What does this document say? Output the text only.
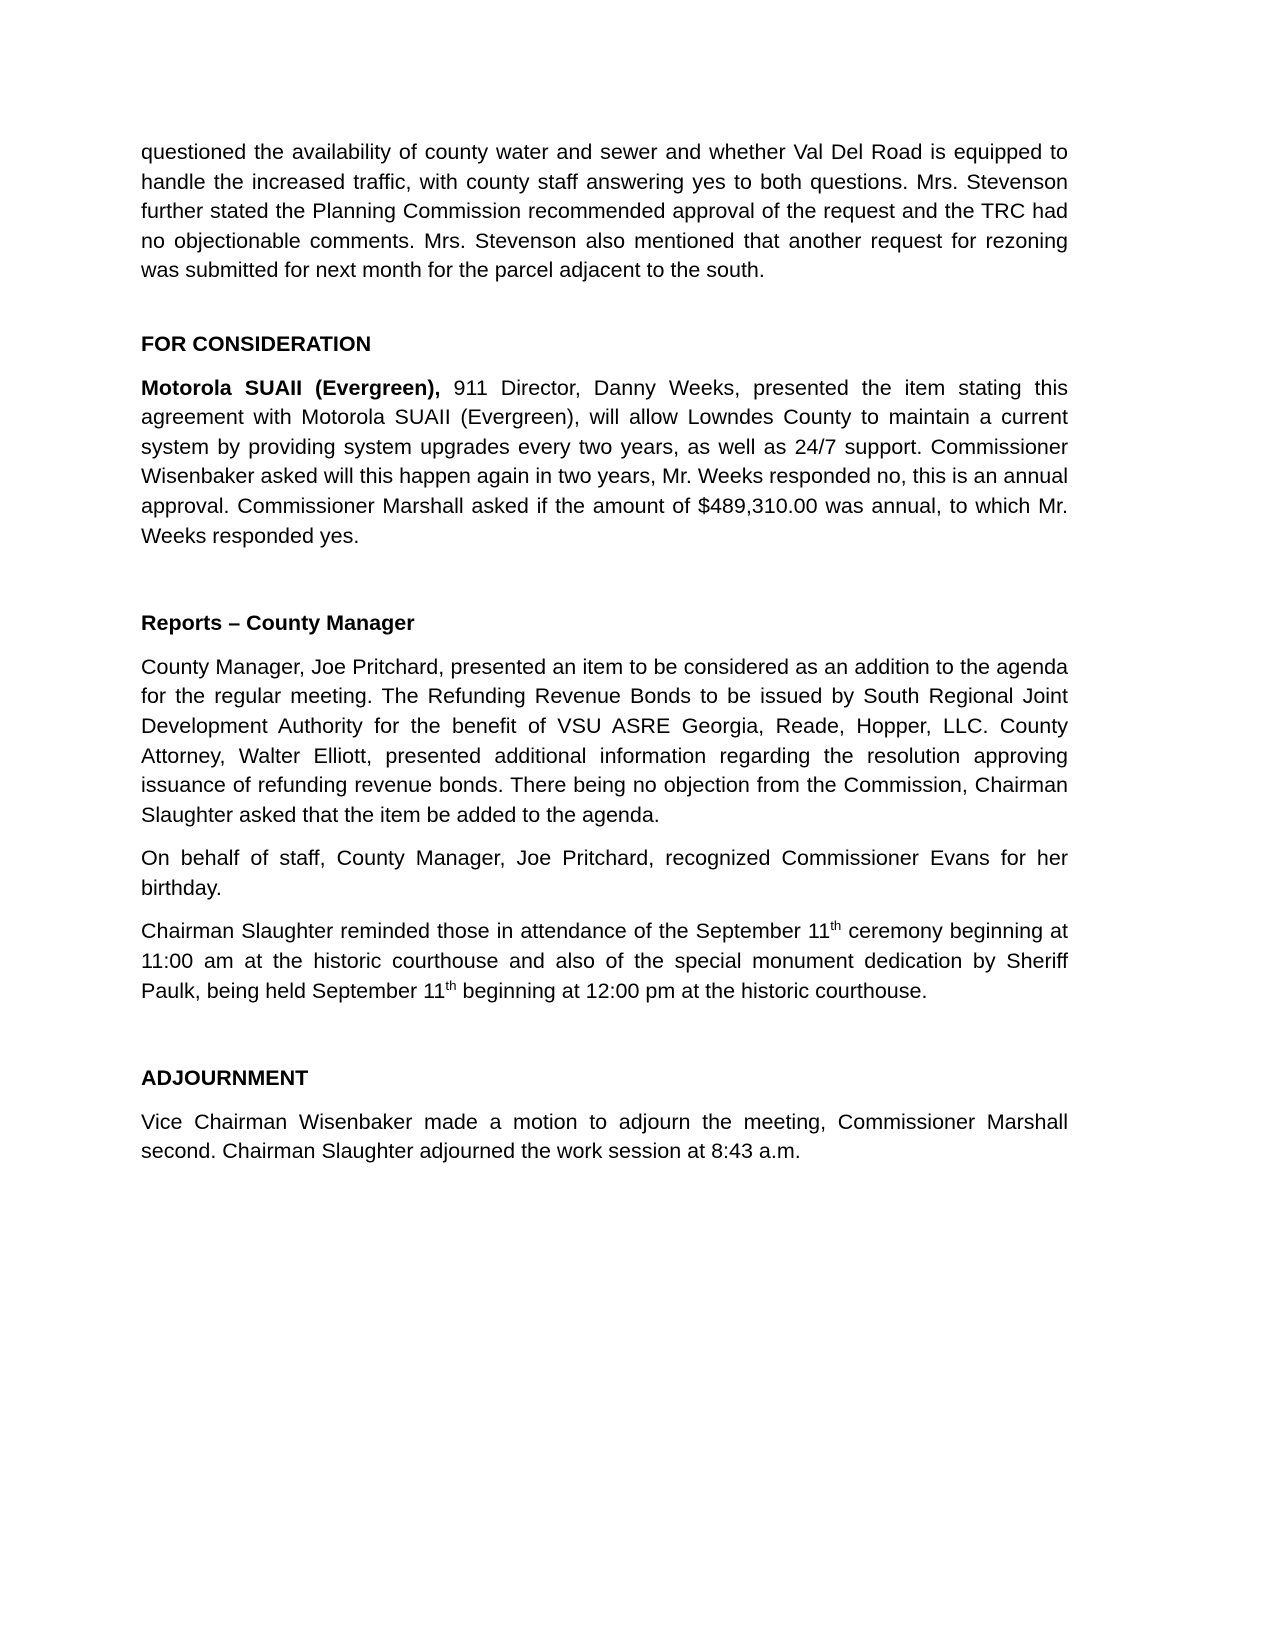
questioned the availability of county water and sewer and whether Val Del Road is equipped to handle the increased traffic, with county staff answering yes to both questions. Mrs. Stevenson further stated the Planning Commission recommended approval of the request and the TRC had no objectionable comments. Mrs. Stevenson also mentioned that another request for rezoning was submitted for next month for the parcel adjacent to the south.

FOR CONSIDERATION

Motorola SUAII (Evergreen), 911 Director, Danny Weeks, presented the item stating this agreement with Motorola SUAII (Evergreen), will allow Lowndes County to maintain a current system by providing system upgrades every two years, as well as 24/7 support. Commissioner Wisenbaker asked will this happen again in two years, Mr. Weeks responded no, this is an annual approval. Commissioner Marshall asked if the amount of $489,310.00 was annual, to which Mr. Weeks responded yes.

Reports – County Manager

County Manager, Joe Pritchard, presented an item to be considered as an addition to the agenda for the regular meeting. The Refunding Revenue Bonds to be issued by South Regional Joint Development Authority for the benefit of VSU ASRE Georgia, Reade, Hopper, LLC. County Attorney, Walter Elliott, presented additional information regarding the resolution approving issuance of refunding revenue bonds. There being no objection from the Commission, Chairman Slaughter asked that the item be added to the agenda.

On behalf of staff, County Manager, Joe Pritchard, recognized Commissioner Evans for her birthday.

Chairman Slaughter reminded those in attendance of the September 11th ceremony beginning at 11:00 am at the historic courthouse and also of the special monument dedication by Sheriff Paulk, being held September 11th beginning at 12:00 pm at the historic courthouse.

ADJOURNMENT

Vice Chairman Wisenbaker made a motion to adjourn the meeting, Commissioner Marshall second. Chairman Slaughter adjourned the work session at 8:43 a.m.
